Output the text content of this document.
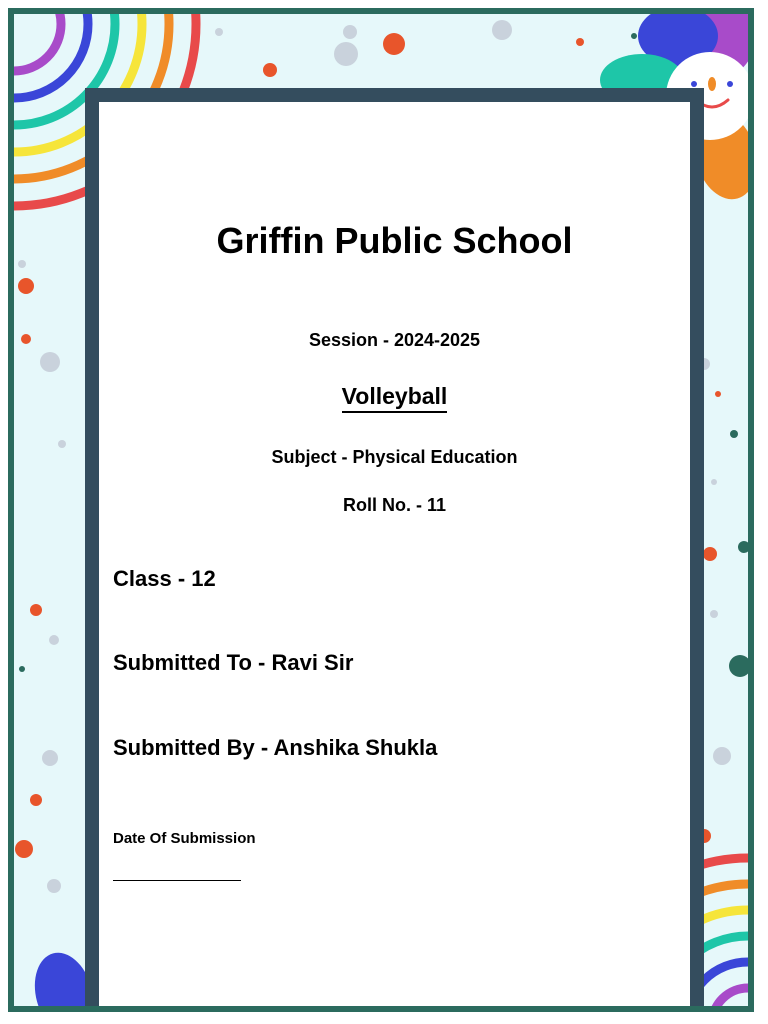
Griffin Public School
Session - 2024-2025
Volleyball
Subject - Physical Education
Roll No. - 11
Class - 12
Submitted To - Ravi Sir
Submitted By - Anshika Shukla
Date Of Submission
